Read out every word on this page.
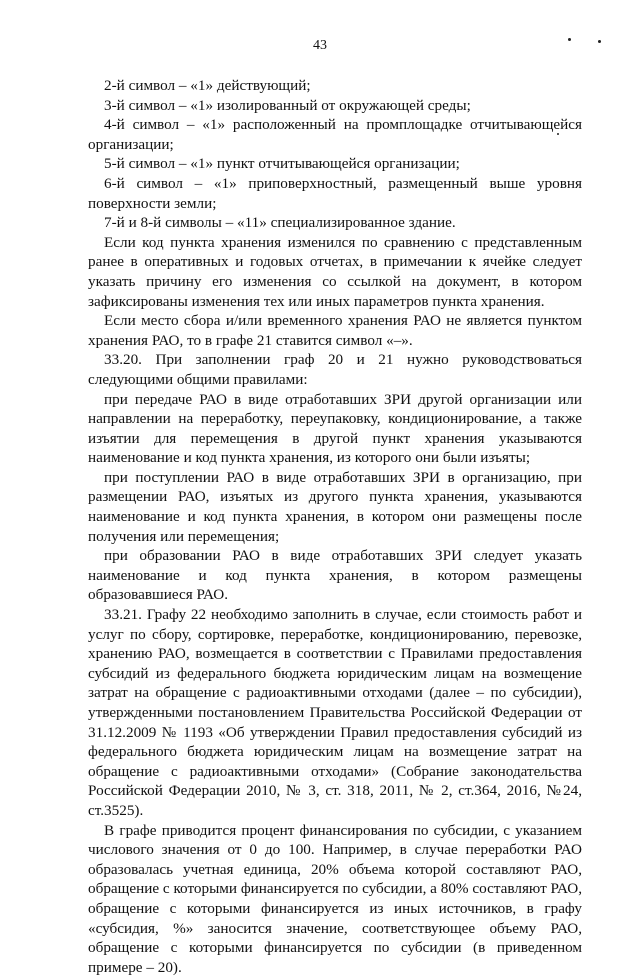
43

2-й символ – «1» действующий;

3-й символ – «1» изолированный от окружающей среды;

4-й символ – «1» расположенный на промплощадке отчитывающейся организации;

5-й символ – «1» пункт отчитывающейся организации;

6-й символ – «1» приповерхностный, размещенный выше уровня поверхности земли;

7-й и 8-й символы – «11» специализированное здание.

Если код пункта хранения изменился по сравнению с представленным ранее в оперативных и годовых отчетах, в примечании к ячейке следует указать причину его изменения со ссылкой на документ, в котором зафиксированы изменения тех или иных параметров пункта хранения.

Если место сбора и/или временного хранения РАО не является пунктом хранения РАО, то в графе 21 ставится символ «–».

33.20. При заполнении граф 20 и 21 нужно руководствоваться следующими общими правилами:

при передаче РАО в виде отработавших ЗРИ другой организации или направлении на переработку, переупаковку, кондиционирование, а также изъятии для перемещения в другой пункт хранения указываются наименование и код пункта хранения, из которого они были изъяты;

при поступлении РАО в виде отработавших ЗРИ в организацию, при размещении РАО, изъятых из другого пункта хранения, указываются наименование и код пункта хранения, в котором они размещены после получения или перемещения;

при образовании РАО в виде отработавших ЗРИ следует указать наименование и код пункта хранения, в котором размещены образовавшиеся РАО.

33.21. Графу 22 необходимо заполнить в случае, если стоимость работ и услуг по сбору, сортировке, переработке, кондиционированию, перевозке, хранению РАО, возмещается в соответствии с Правилами предоставления субсидий из федерального бюджета юридическим лицам на возмещение затрат на обращение с радиоактивными отходами (далее – по субсидии), утвержденными постановлением Правительства Российской Федерации от 31.12.2009 № 1193 «Об утверждении Правил предоставления субсидий из федерального бюджета юридическим лицам на возмещение затрат на обращение с радиоактивными отходами» (Собрание законодательства Российской Федерации 2010, № 3, ст. 318, 2011, № 2, ст.364, 2016, №24, ст.3525).

В графе приводится процент финансирования по субсидии, с указанием числового значения от 0 до 100. Например, в случае переработки РАО образовалась учетная единица, 20% объема которой составляют РАО, обращение с которыми финансируется по субсидии, а 80% составляют РАО, обращение с которыми финансируется из иных источников, в графу «субсидия, %» заносится значение, соответствующее объему РАО, обращение с которыми финансируется по субсидии (в приведенном примере – 20).
